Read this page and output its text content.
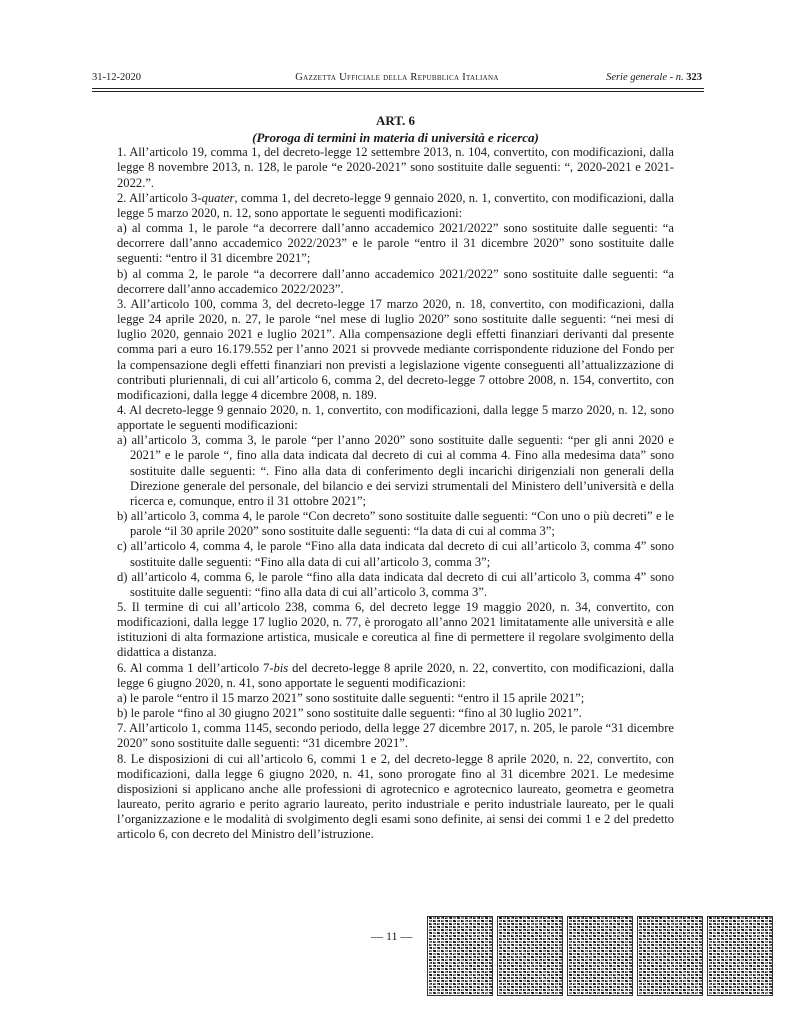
31-12-2020	Gazzetta Ufficiale della Repubblica Italiana	Serie generale - n. 323

ART. 6

(Proroga di termini in materia di università e ricerca)

1. All’articolo 19, comma 1, del decreto-legge 12 settembre 2013, n. 104, convertito, con modificazioni, dalla legge 8 novembre 2013, n. 128, le parole “e 2020-2021” sono sostituite dalle seguenti: “, 2020-2021 e 2021-2022.”.

2. All’articolo 3-quater, comma 1, del decreto-legge 9 gennaio 2020, n. 1, convertito, con modificazioni, dalla legge 5 marzo 2020, n. 12, sono apportate le seguenti modificazioni:

a) al comma 1, le parole “a decorrere dall’anno accademico 2021/2022” sono sostituite dalle seguenti: “a decorrere dall’anno accademico 2022/2023” e le parole “entro il 31 dicembre 2020” sono sostituite dalle seguenti: “entro il 31 dicembre 2021”;

b) al comma 2, le parole “a decorrere dall’anno accademico 2021/2022” sono sostituite dalle seguenti: “a decorrere dall’anno accademico 2022/2023”.

3. All’articolo 100, comma 3, del decreto-legge 17 marzo 2020, n. 18, convertito, con modificazioni, dalla legge 24 aprile 2020, n. 27, le parole “nel mese di luglio 2020” sono sostituite dalle seguenti: “nei mesi di luglio 2020, gennaio 2021 e luglio 2021”. Alla compensazione degli effetti finanziari derivanti dal presente comma pari a euro 16.179.552 per l’anno 2021 si provvede mediante corrispondente riduzione del Fondo per la compensazione degli effetti finanziari non previsti a legislazione vigente conseguenti all’attualizzazione di contributi pluriennali, di cui all’articolo 6, comma 2, del decreto-legge 7 ottobre 2008, n. 154, convertito, con modificazioni, dalla legge 4 dicembre 2008, n. 189.

4. Al decreto-legge 9 gennaio 2020, n. 1, convertito, con modificazioni, dalla legge 5 marzo 2020, n. 12, sono apportate le seguenti modificazioni:

a) all’articolo 3, comma 3, le parole “per l’anno 2020” sono sostituite dalle seguenti: “per gli anni 2020 e 2021” e le parole “, fino alla data indicata dal decreto di cui al comma 4. Fino alla medesima data” sono sostituite dalle seguenti: “. Fino alla data di conferimento degli incarichi dirigenziali non generali della Direzione generale del personale, del bilancio e dei servizi strumentali del Ministero dell’università e della ricerca e, comunque, entro il 31 ottobre 2021”;

b) all’articolo 3, comma 4, le parole “Con decreto” sono sostituite dalle seguenti: “Con uno o più decreti” e le parole “il 30 aprile 2020” sono sostituite dalle seguenti: “la data di cui al comma 3”;

c) all’articolo 4, comma 4, le parole “Fino alla data indicata dal decreto di cui all’articolo 3, comma 4” sono sostituite dalle seguenti: “Fino alla data di cui all’articolo 3, comma 3”;

d) all’articolo 4, comma 6, le parole “fino alla data indicata dal decreto di cui all’articolo 3, comma 4” sono sostituite dalle seguenti: “fino alla data di cui all’articolo 3, comma 3”.

5. Il termine di cui all’articolo 238, comma 6, del decreto legge 19 maggio 2020, n. 34, convertito, con modificazioni, dalla legge 17 luglio 2020, n. 77, è prorogato all’anno 2021 limitatamente alle università e alle istituzioni di alta formazione artistica, musicale e coreutica al fine di permettere il regolare svolgimento della didattica a distanza.

6. Al comma 1 dell’articolo 7-bis del decreto-legge 8 aprile 2020, n. 22, convertito, con modificazioni, dalla legge 6 giugno 2020, n. 41, sono apportate le seguenti modificazioni:

a) le parole “entro il 15 marzo 2021” sono sostituite dalle seguenti: “entro il 15 aprile 2021”;

b) le parole “fino al 30 giugno 2021” sono sostituite dalle seguenti: “fino al 30 luglio 2021”.

7. All’articolo 1, comma 1145, secondo periodo, della legge 27 dicembre 2017, n. 205, le parole “31 dicembre 2020” sono sostituite dalle seguenti: “31 dicembre 2021”.

8. Le disposizioni di cui all’articolo 6, commi 1 e 2, del decreto-legge 8 aprile 2020, n. 22, convertito, con modificazioni, dalla legge 6 giugno 2020, n. 41, sono prorogate fino al 31 dicembre 2021. Le medesime disposizioni si applicano anche alle professioni di agrotecnico e agrotecnico laureato, geometra e geometra laureato, perito agrario e perito agrario laureato, perito industriale e perito industriale laureato, per le quali l’organizzazione e le modalità di svolgimento degli esami sono definite, ai sensi dei commi 1 e 2 del predetto articolo 6, con decreto del Ministro dell’istruzione.

— 11 —
